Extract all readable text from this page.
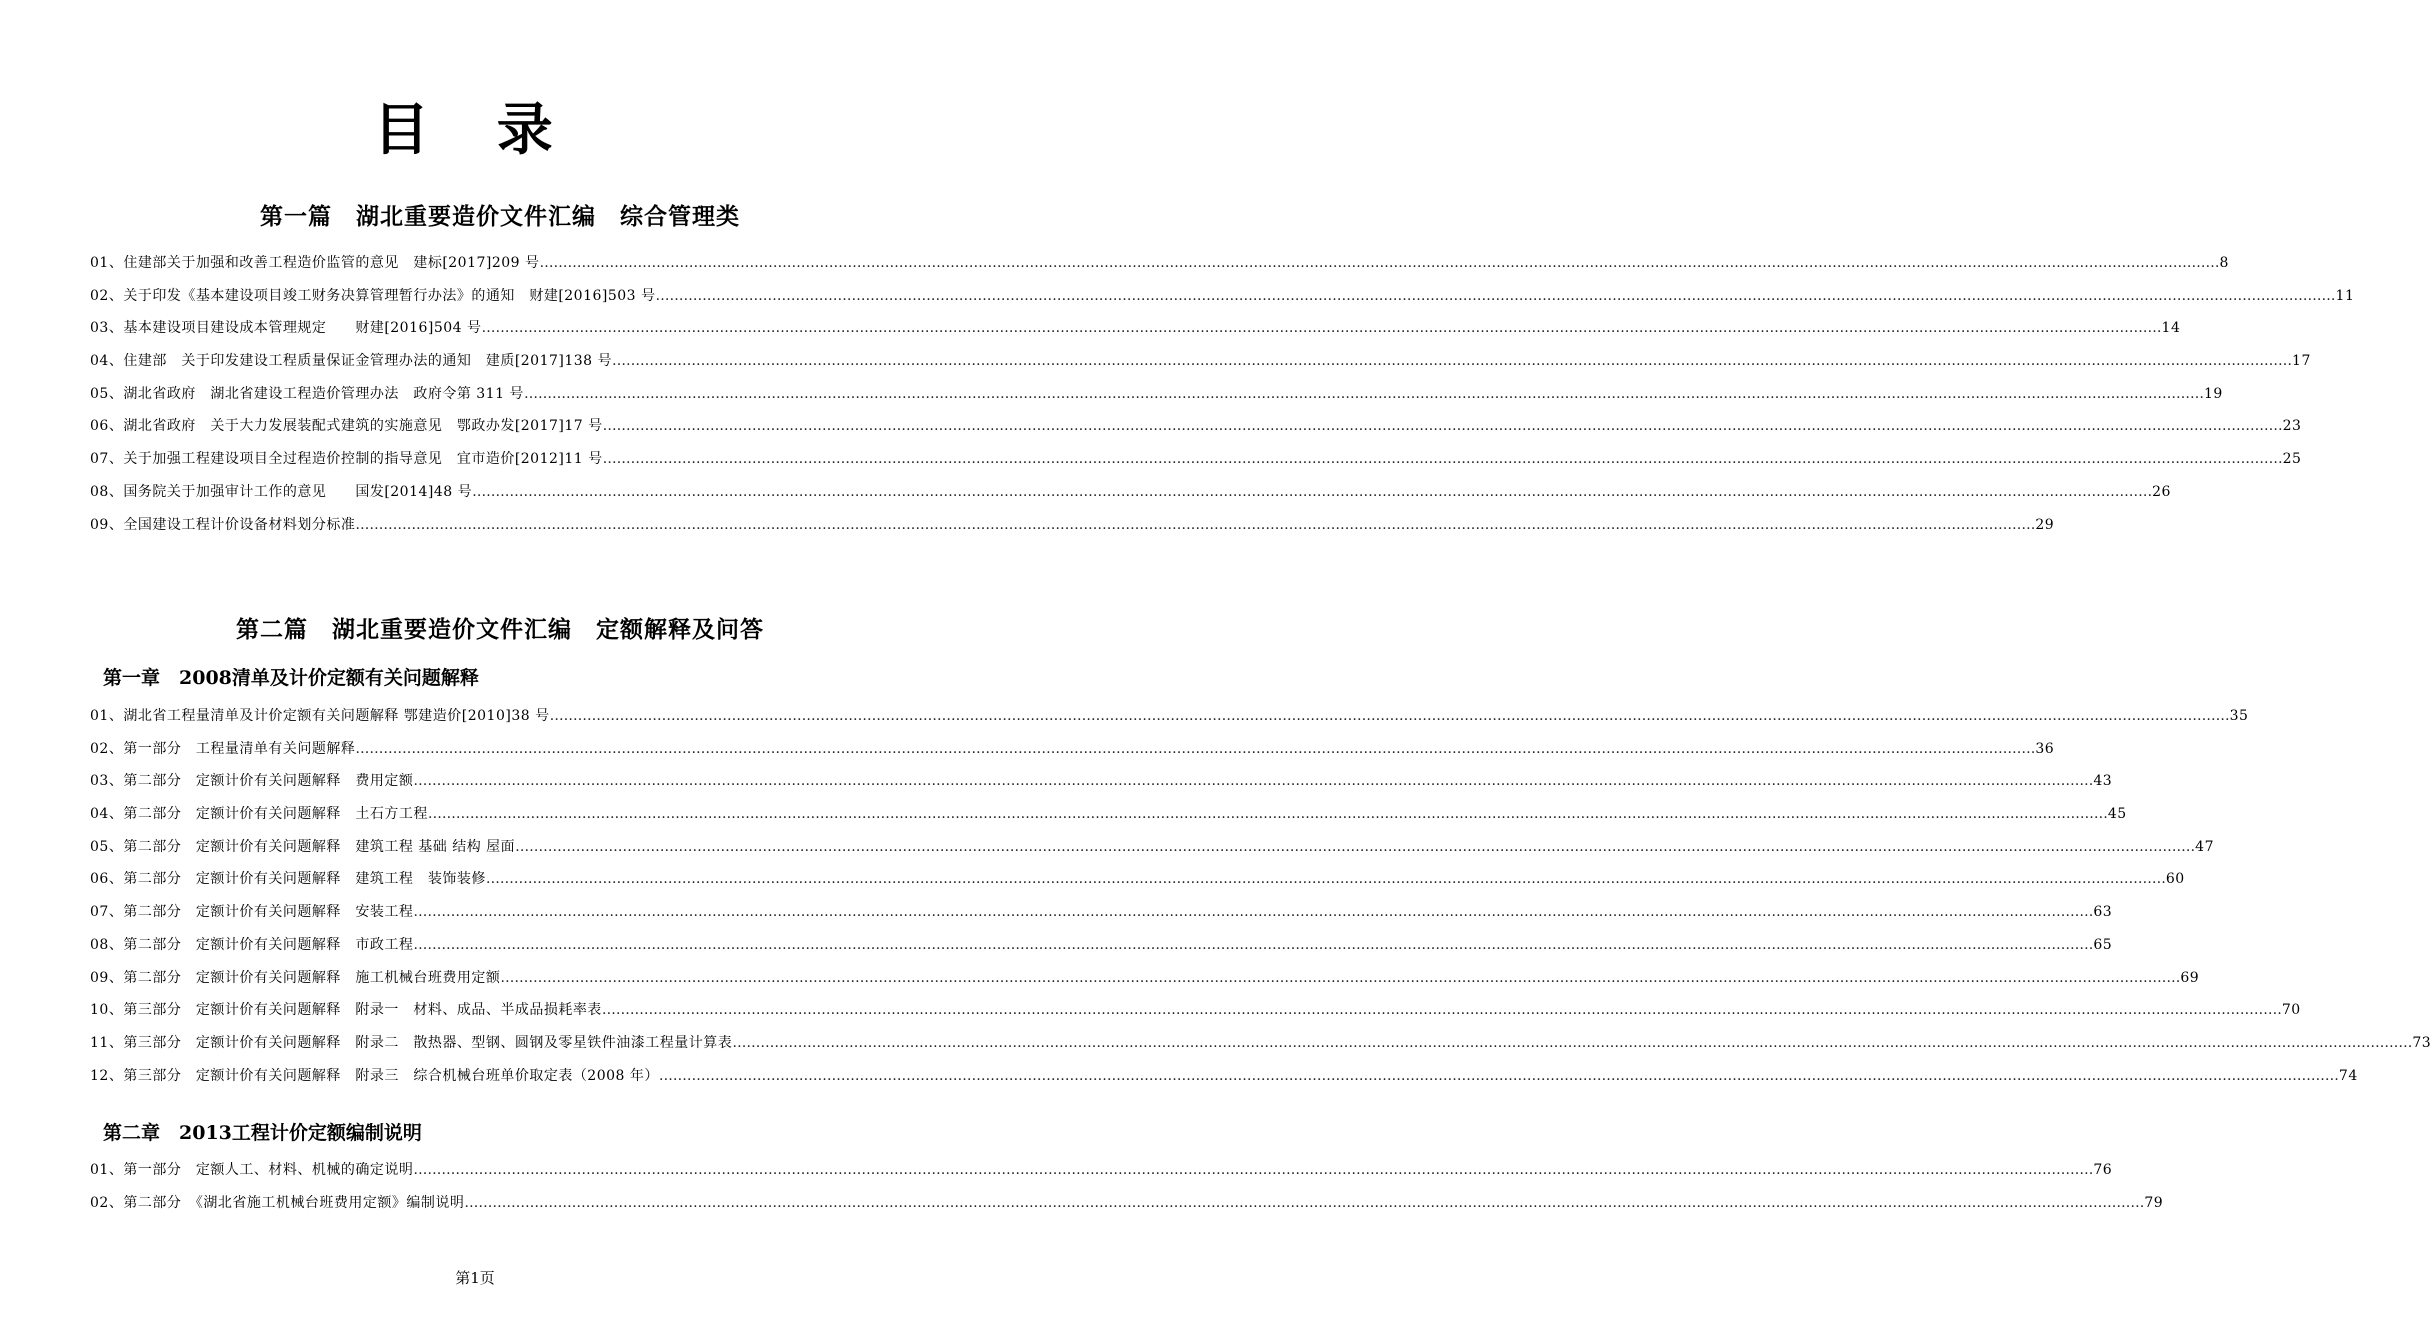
目 录
第一篇　湖北重要造价文件汇编　综合管理类
01、住建部关于加强和改善工程造价监管的意见　建标[2017]209 号 ……………………………………………………………………………………………………………………………………………………………………………………………………………………………………………………………………………………………………………………………… 8
02、关于印发《基本建设项目竣工财务决算管理暂行办法》的通知　财建[2016]503 号 ……………………………………………………………………………………………………………………………………………………………………………………………………………………………………………………………………………………………………………………………… 11
03、基本建设项目建设成本管理规定　　财建[2016]504 号 ……………………………………………………………………………………………………………………………………………………………………………………………………………………………………………………………………………………………………………………………… 14
04、住建部　关于印发建设工程质量保证金管理办法的通知　建质[2017]138 号 ……………………………………………………………………………………………………………………………………………………………………………………………………………………………………………………………………………………………………………………………… 17
05、湖北省政府　湖北省建设工程造价管理办法　政府令第 311 号 ……………………………………………………………………………………………………………………………………………………………………………………………………………………………………………………………………………………………………………………………… 19
06、湖北省政府　关于大力发展装配式建筑的实施意见　鄂政办发[2017]17 号 ……………………………………………………………………………………………………………………………………………………………………………………………………………………………………………………………………………………………………………………………… 23
07、关于加强工程建设项目全过程造价控制的指导意见　宜市造价[2012]11 号 ……………………………………………………………………………………………………………………………………………………………………………………………………………………………………………………………………………………………………………………………… 25
08、国务院关于加强审计工作的意见　　国发[2014]48 号 ……………………………………………………………………………………………………………………………………………………………………………………………………………………………………………………………………………………………………………………………… 26
09、全国建设工程计价设备材料划分标准 ……………………………………………………………………………………………………………………………………………………………………………………………………………………………………………………………………………………………………………………………… 29
第二篇　湖北重要造价文件汇编　定额解释及问答
第一章　2008清单及计价定额有关问题解释
01、湖北省工程量清单及计价定额有关问题解释 鄂建造价[2010]38 号 ……………………………………………………………………………………………………………………………………………………………………………………………………………………………………………………………………………………………………………………………… 35
02、第一部分　工程量清单有关问题解释 ……………………………………………………………………………………………………………………………………………………………………………………………………………………………………………………………………………………………………………………………… 36
03、第二部分　定额计价有关问题解释　费用定额 ……………………………………………………………………………………………………………………………………………………………………………………………………………………………………………………………………………………………………………………………… 43
04、第二部分　定额计价有关问题解释　土石方工程 ……………………………………………………………………………………………………………………………………………………………………………………………………………………………………………………………………………………………………………………………… 45
05、第二部分　定额计价有关问题解释　建筑工程 基础 结构 屋面 ……………………………………………………………………………………………………………………………………………………………………………………………………………………………………………………………………………………………………………………………… 47
06、第二部分　定额计价有关问题解释　建筑工程　装饰装修 ……………………………………………………………………………………………………………………………………………………………………………………………………………………………………………………………………………………………………………………………… 60
07、第二部分　定额计价有关问题解释　安装工程 ……………………………………………………………………………………………………………………………………………………………………………………………………………………………………………………………………………………………………………………………… 63
08、第二部分　定额计价有关问题解释　市政工程 ……………………………………………………………………………………………………………………………………………………………………………………………………………………………………………………………………………………………………………………………… 65
09、第二部分　定额计价有关问题解释　施工机械台班费用定额 ……………………………………………………………………………………………………………………………………………………………………………………………………………………………………………………………………………………………………………………………… 69
10、第三部分　定额计价有关问题解释　附录一　材料、成品、半成品损耗率表 ……………………………………………………………………………………………………………………………………………………………………………………………………………………………………………………………………………………………………………………………… 70
11、第三部分　定额计价有关问题解释　附录二　散热器、型钢、圆钢及零星铁件油漆工程量计算表 ……………………………………………………………………………………………………………………………………………………………………………………………………………………………………………………………………………………………………………………………… 73
12、第三部分　定额计价有关问题解释　附录三　综合机械台班单价取定表（2008 年） ……………………………………………………………………………………………………………………………………………………………………………………………………………………………………………………………………………………………………………………………… 74
第二章　2013工程计价定额编制说明
01、第一部分　定额人工、材料、机械的确定说明 ……………………………………………………………………………………………………………………………………………………………………………………………………………………………………………………………………………………………………………………………… 76
02、第二部分　《湖北省施工机械台班费用定额》编制说明 ……………………………………………………………………………………………………………………………………………………………………………………………………………………………………………………………………………………………………………………………… 79
第1页
